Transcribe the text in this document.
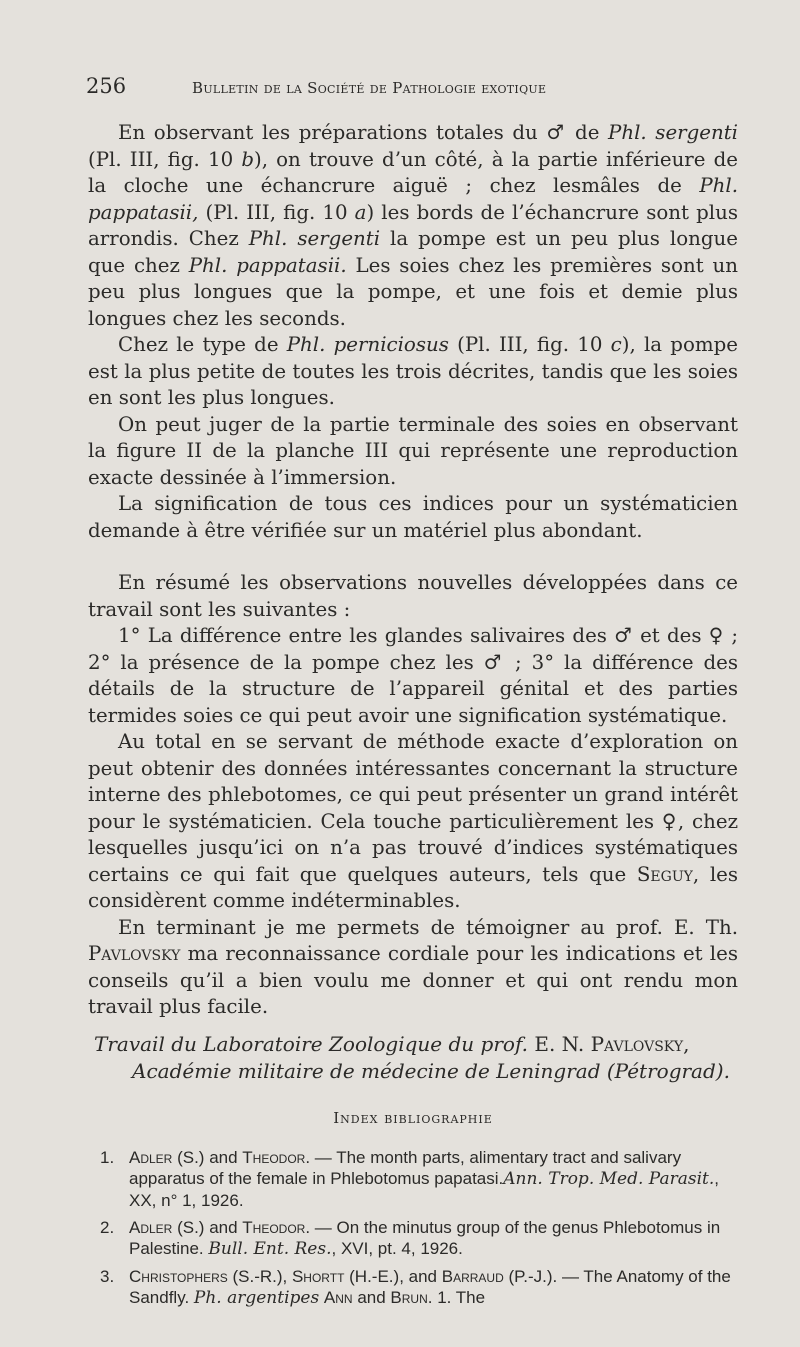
256	Bulletin de la Société de Pathologie exotique

En observant les préparations totales du ♂ de Phl. sergenti (Pl. III, fig. 10 b), on trouve d’un côté, à la partie inférieure de la cloche une échancrure aiguë ; chez lesmâles de Phl. pappatasii, (Pl. III, fig. 10 a) les bords de l’échancrure sont plus arrondis. Chez Phl. sergenti la pompe est un peu plus longue que chez Phl. pappatasii. Les soies chez les premières sont un peu plus longues que la pompe, et une fois et demie plus longues chez les seconds.

Chez le type de Phl. perniciosus (Pl. III, fig. 10 c), la pompe est la plus petite de toutes les trois décrites, tandis que les soies en sont les plus longues.

On peut juger de la partie terminale des soies en observant la figure II de la planche III qui représente une reproduction exacte dessinée à l’immersion.

La signification de tous ces indices pour un systématicien demande à être vérifiée sur un matériel plus abondant.

En résumé les observations nouvelles développées dans ce travail sont les suivantes :

1° La différence entre les glandes salivaires des ♂ et des ♀ ; 2° la présence de la pompe chez les ♂ ; 3° la différence des détails de la structure de l’appareil génital et des parties termides soies ce qui peut avoir une signification systématique.

Au total en se servant de méthode exacte d’exploration on peut obtenir des données intéressantes concernant la structure interne des phlebotomes, ce qui peut présenter un grand intérêt pour le systématicien. Cela touche particulièrement les ♀, chez lesquelles jusqu’ici on n’a pas trouvé d’indices systématiques certains ce qui fait que quelques auteurs, tels que Seguy, les considèrent comme indéterminables.

En terminant je me permets de témoigner au prof. E. Th. Pavlovsky ma reconnaissance cordiale pour les indications et les conseils qu’il a bien voulu me donner et qui ont rendu mon travail plus facile.

Travail du Laboratoire Zoologique du prof. E. N. Pavlovsky,
Académie militaire de médecine de Leningrad (Pétrograd).
Index bibliographie
1. Adler (S.) and Theodor. — The month parts, alimentary tract and salivary apparatus of the female in Phlebotomus papatasi.Ann. Trop. Med. Parasit., XX, n° 1, 1926.
2. Adler (S.) and Theodor. — On the minutus group of the genus Phlebotomus in Palestine. Bull. Ent. Res., XVI, pt. 4, 1926.
3. Christophers (S.-R.), Shortt (H.-E.), and Barraud (P.-J.). — The Anatomy of the Sandfly. Ph. argentipes Ann and Brun. 1. The
